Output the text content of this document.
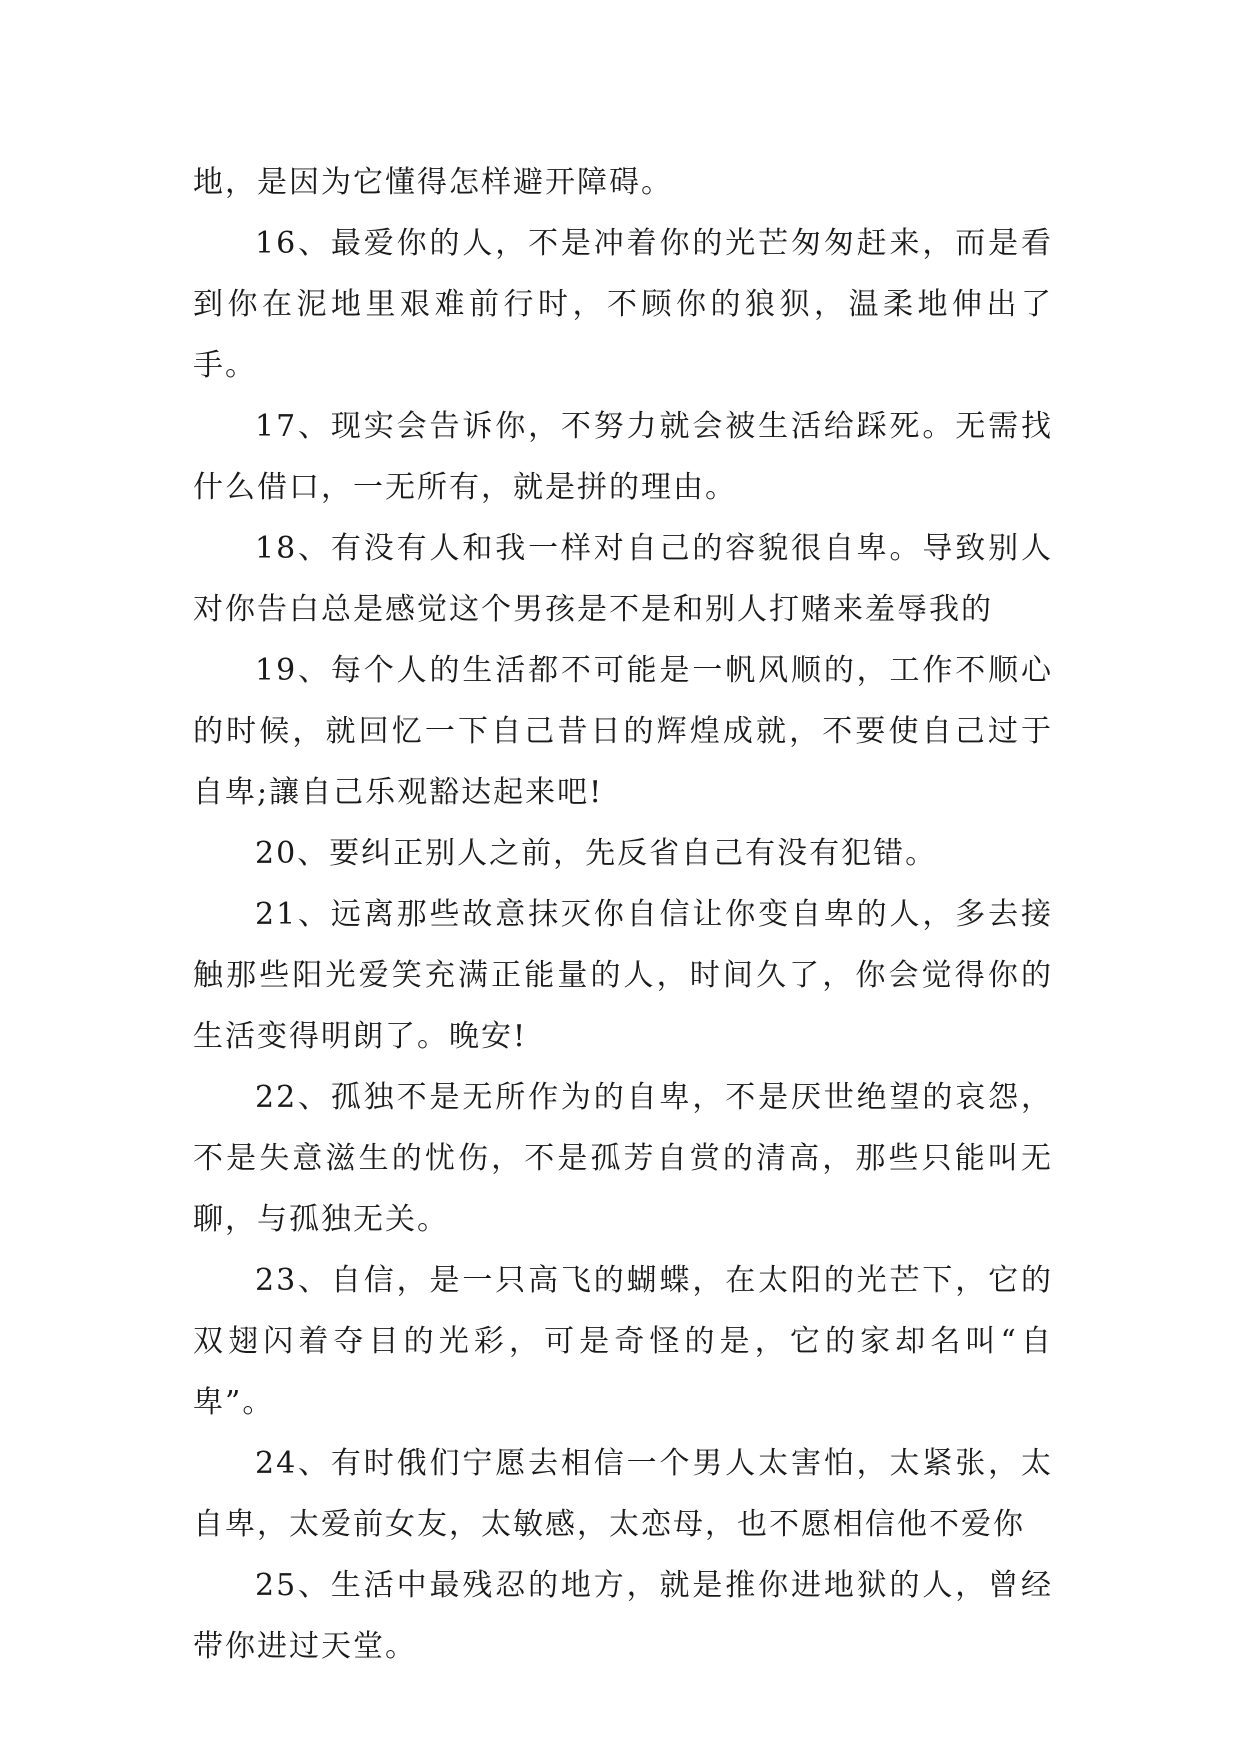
地，是因为它懂得怎样避开障碍。

16、最爱你的人，不是冲着你的光芒匆匆赶来，而是看到你在泥地里艰难前行时，不顾你的狼狈，温柔地伸出了手。

17、现实会告诉你，不努力就会被生活给踩死。无需找什么借口，一无所有，就是拼的理由。

18、有没有人和我一样对自己的容貌很自卑。导致别人对你告白总是感觉这个男孩是不是和别人打赌来羞辱我的

19、每个人的生活都不可能是一帆风顺的，工作不顺心的时候，就回忆一下自己昔日的辉煌成就，不要使自己过于自卑;讓自己乐观豁达起来吧!

20、要纠正别人之前，先反省自己有没有犯错。

21、远离那些故意抹灭你自信让你变自卑的人，多去接触那些阳光爱笑充满正能量的人，时间久了，你会觉得你的生活变得明朗了。晚安!

22、孤独不是无所作为的自卑，不是厌世绝望的哀怨，不是失意滋生的忧伤，不是孤芳自赏的清高，那些只能叫无聊，与孤独无关。

23、自信，是一只高飞的蝴蝶，在太阳的光芒下，它的双翅闪着夺目的光彩，可是奇怪的是，它的家却名叫“自卑”。

24、有时俄们宁愿去相信一个男人太害怕，太紧张，太自卑，太爱前女友，太敏感，太恋母，也不愿相信他不爱你

25、生活中最残忍的地方，就是推你进地狱的人，曾经带你进过天堂。
